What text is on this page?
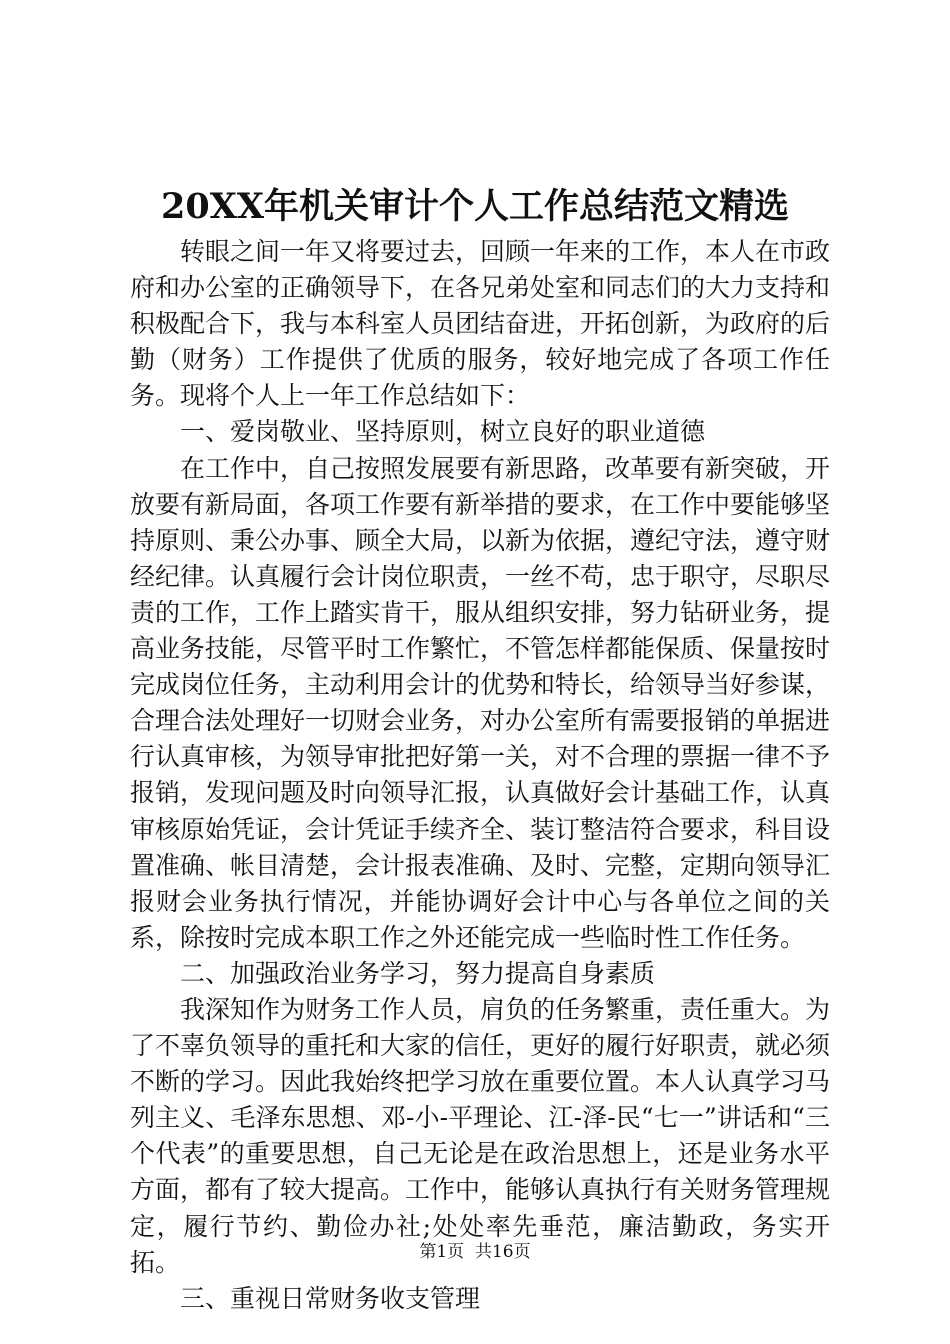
20XX年机关审计个人工作总结范文精选

转眼之间一年又将要过去，回顾一年来的工作，本人在市政府和办公室的正确领导下，在各兄弟处室和同志们的大力支持和积极配合下，我与本科室人员团结奋进，开拓创新，为政府的后勤（财务）工作提供了优质的服务，较好地完成了各项工作任务。现将个人上一年工作总结如下：

一、爱岗敬业、坚持原则，树立良好的职业道德

在工作中，自己按照发展要有新思路，改革要有新突破，开放要有新局面，各项工作要有新举措的要求，在工作中要能够坚持原则、秉公办事、顾全大局，以新为依据，遵纪守法，遵守财经纪律。认真履行会计岗位职责，一丝不苟，忠于职守，尽职尽责的工作，工作上踏实肯干，服从组织安排，努力钻研业务，提高业务技能，尽管平时工作繁忙，不管怎样都能保质、保量按时完成岗位任务，主动利用会计的优势和特长，给领导当好参谋，合理合法处理好一切财会业务，对办公室所有需要报销的单据进行认真审核，为领导审批把好第一关，对不合理的票据一律不予报销，发现问题及时向领导汇报，认真做好会计基础工作，认真审核原始凭证，会计凭证手续齐全、装订整洁符合要求，科目设置准确、帐目清楚，会计报表准确、及时、完整，定期向领导汇报财会业务执行情况，并能协调好会计中心与各单位之间的关系，除按时完成本职工作之外还能完成一些临时性工作任务。

二、加强政治业务学习，努力提高自身素质

我深知作为财务工作人员，肩负的任务繁重，责任重大。为了不辜负领导的重托和大家的信任，更好的履行好职责，就必须不断的学习。因此我始终把学习放在重要位置。本人认真学习马列主义、毛泽东思想、邓-小-平理论、江-泽-民“七一”讲话和“三个代表”的重要思想，自己无论是在政治思想上，还是业务水平方面，都有了较大提高。工作中，能够认真执行有关财务管理规定，履行节约、勤俭办社;处处率先垂范，廉洁勤政，务实开拓。

三、重视日常财务收支管理

第1页  共16页
